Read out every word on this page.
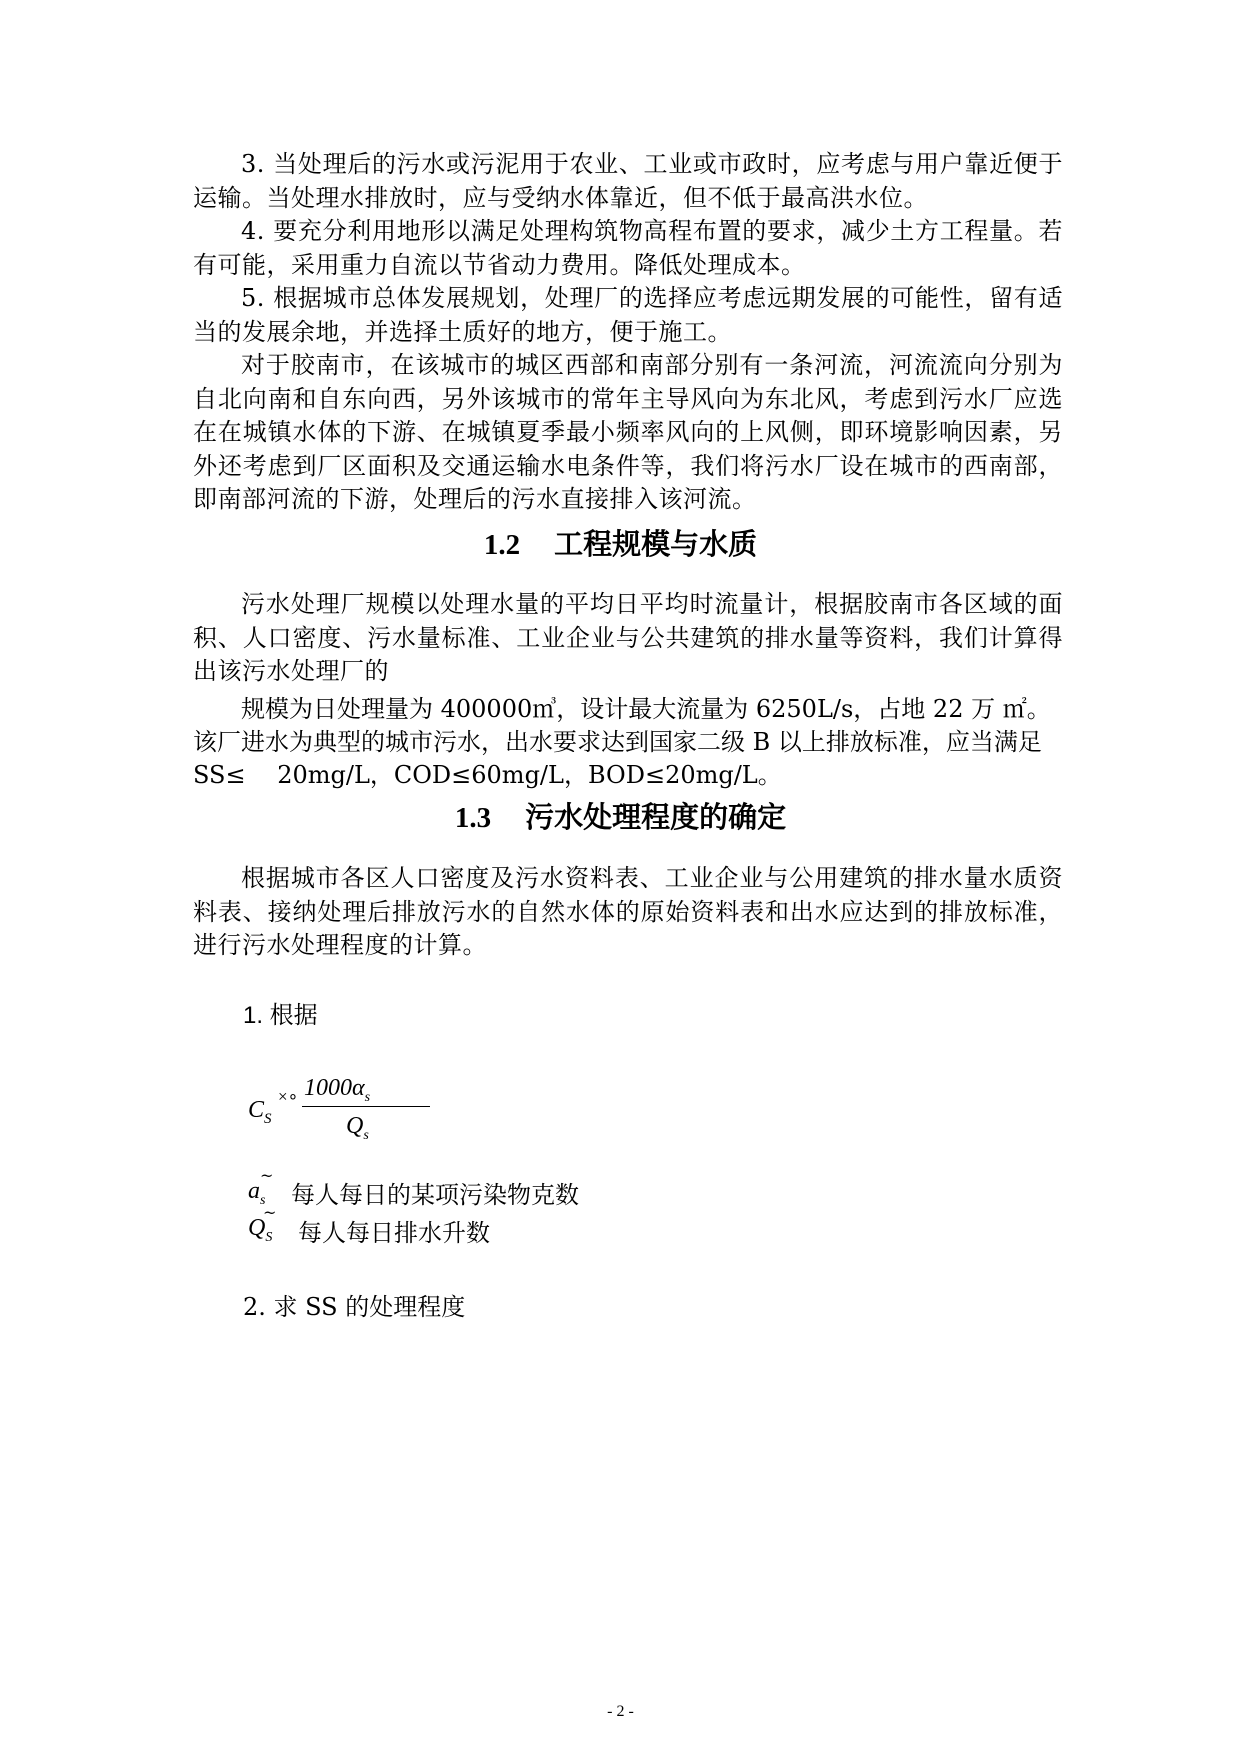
3. 当处理后的污水或污泥用于农业、工业或市政时，应考虑与用户靠近便于运输。当处理水排放时，应与受纳水体靠近，但不低于最高洪水位。

4. 要充分利用地形以满足处理构筑物高程布置的要求，减少土方工程量。若有可能，采用重力自流以节省动力费用。降低处理成本。

5. 根据城市总体发展规划，处理厂的选择应考虑远期发展的可能性，留有适当的发展余地，并选择土质好的地方，便于施工。

对于胶南市，在该城市的城区西部和南部分别有一条河流，河流流向分别为自北向南和自东向西，另外该城市的常年主导风向为东北风，考虑到污水厂应选在在城镇水体的下游、在城镇夏季最小频率风向的上风侧，即环境影响因素，另外还考虑到厂区面积及交通运输水电条件等，我们将污水厂设在城市的西南部，即南部河流的下游，处理后的污水直接排入该河流。

1.2 工程规模与水质

污水处理厂规模以处理水量的平均日平均时流量计，根据胶南市各区域的面积、人口密度、污水量标准、工业企业与公共建筑的排水量等资料，我们计算得出该污水处理厂的

规模为日处理量为 400000㎥，设计最大流量为 6250L/s，占地 22 万 ㎡。

该厂进水为典型的城市污水，出水要求达到国家二级 B 以上排放标准，应当满足

SS≤　 20mg/L，COD≤60mg/L，BOD≤20mg/L。

1.3 污水处理程度的确定

根据城市各区人口密度及污水资料表、工业企业与公用建筑的排水量水质资料表、接纳处理后排放污水的自然水体的原始资料表和出水应达到的排放标准，进行污水处理程度的计算。

1. 根据

$C_S$
×∘ $1000\alpha_s$
$Q_s$
$a_s$
~
每人每日的某项污染物克数
$Q_S$
~
每人每日排水升数

2. 求 SS 的处理程度

- 2 -
